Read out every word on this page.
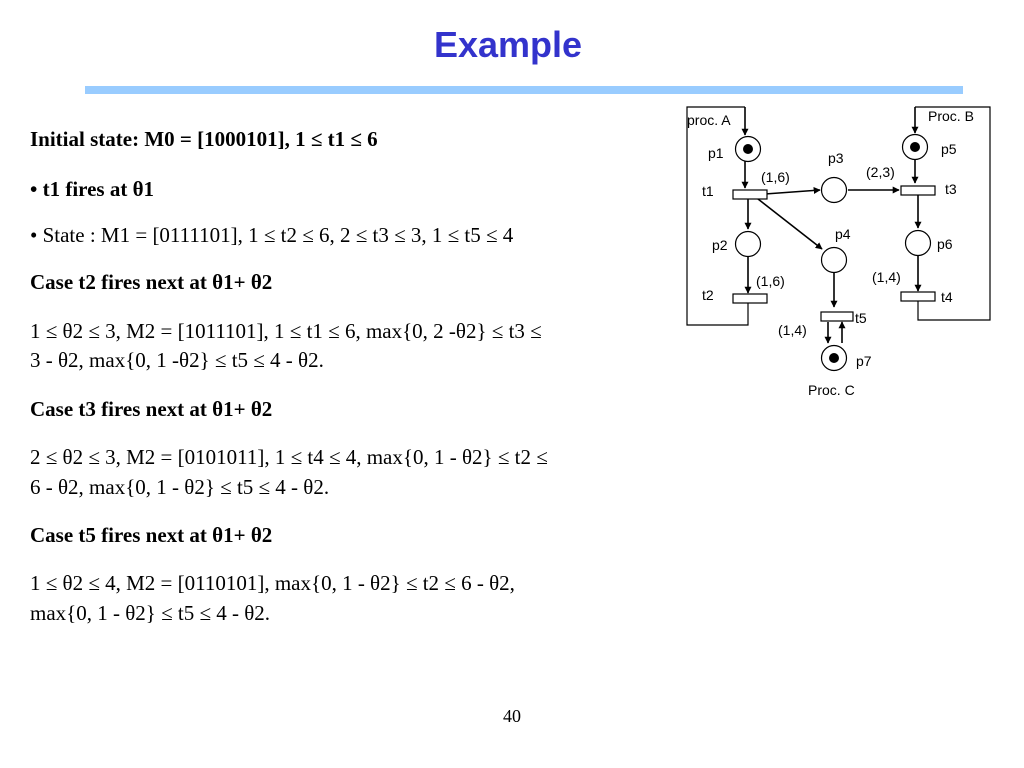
Example

Initial state: M0 = [1000101], 1 ≤ t1 ≤ 6

• t1 fires at θ1

• State : M1 = [0111101], 1 ≤ t2 ≤ 6, 2 ≤ t3 ≤ 3, 1 ≤ t5 ≤ 4

Case t2 fires next at θ1+ θ2

1 ≤ θ2 ≤ 3, M2 = [1011101], 1 ≤ t1 ≤ 6, max{0, 2 -θ2} ≤ t3 ≤

3 - θ2, max{0, 1 -θ2} ≤ t5 ≤ 4 - θ2.

Case t3 fires next at θ1+ θ2

2 ≤ θ2 ≤ 3, M2 = [0101011], 1 ≤ t4 ≤ 4, max{0, 1 - θ2} ≤ t2 ≤

6 - θ2, max{0, 1 - θ2} ≤ t5 ≤ 4 - θ2.

Case t5 fires next at θ1+ θ2

1 ≤ θ2 ≤ 4, M2 = [0110101], max{0, 1 - θ2} ≤ t2 ≤ 6 - θ2,

max{0, 1 - θ2} ≤ t5 ≤ 4 - θ2.

proc. A	Proc. B
Proc. C
p1
p2
p3
p4
p5
p6
p7
t1
t2
t3
t4
t5
(1,6)
(1,6)
(2,3)
(1,4)
(1,4)
40
